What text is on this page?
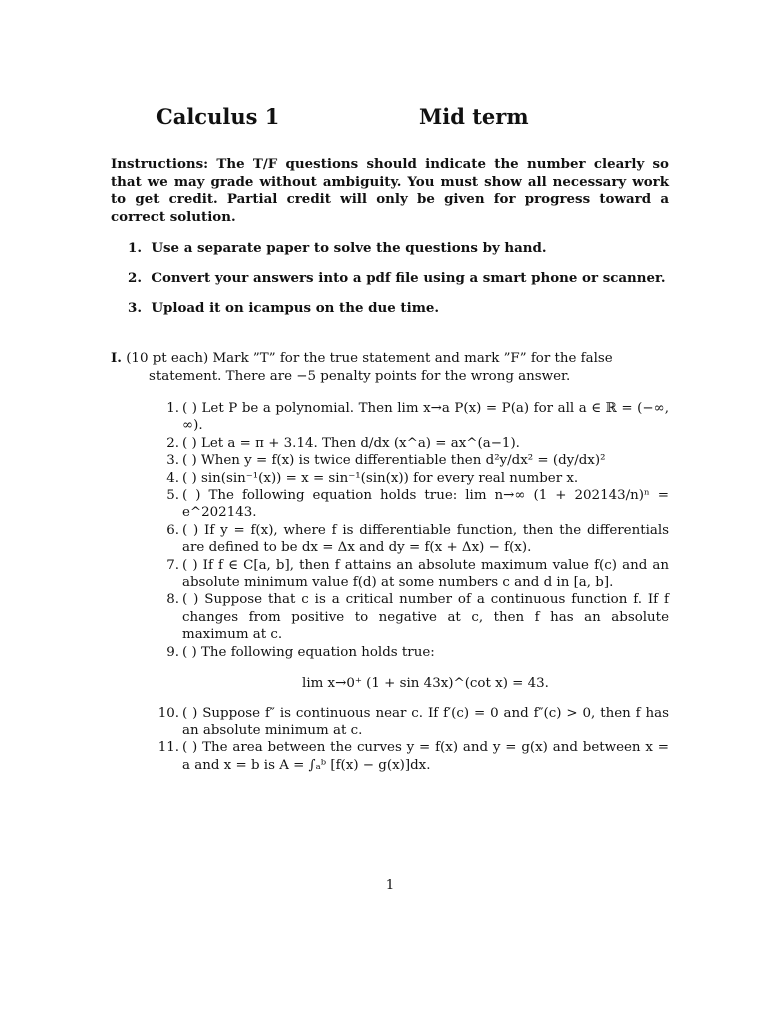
Calculus 1	Mid term
Instructions: The T/F questions should indicate the number clearly so that we may grade without ambiguity. You must show all necessary work to get credit. Partial credit will only be given for progress toward a correct solution.
1.  Use a separate paper to solve the questions by hand.
2.  Convert your answers into a pdf file using a smart phone or scanner.
3.  Upload it on icampus on the due time.
I. (10 pt each) Mark ”T” for the true statement and mark ”F” for the false statement. There are −5 penalty points for the wrong answer.
1. ( ) Let P be a polynomial. Then lim x→a P(x) = P(a) for all a ∈ ℝ = (−∞, ∞).
2. ( ) Let a = π + 3.14. Then d/dx (x^a) = ax^(a−1).
3. ( ) When y = f(x) is twice differentiable then d²y/dx² = (dy/dx)²
4. ( ) sin(sin⁻¹(x)) = x = sin⁻¹(sin(x)) for every real number x.
5. ( ) The following equation holds true: lim n→∞ (1 + 202143/n)ⁿ = e^202143.
6. ( ) If y = f(x), where f is differentiable function, then the differentials are defined to be dx = Δx and dy = f(x + Δx) − f(x).
7. ( ) If f ∈ C[a, b], then f attains an absolute maximum value f(c) and an absolute minimum value f(d) at some numbers c and d in [a, b].
8. ( ) Suppose that c is a critical number of a continuous function f. If f changes from positive to negative at c, then f has an absolute maximum at c.
9. ( ) The following equation holds true:
lim x→0⁺ (1 + sin 43x)^(cot x) = 43.
10. ( ) Suppose f″ is continuous near c. If f′(c) = 0 and f″(c) > 0, then f has an absolute minimum at c.
11. ( ) The area between the curves y = f(x) and y = g(x) and between x = a and x = b is A = ∫ₐᵇ [f(x) − g(x)]dx.
1
